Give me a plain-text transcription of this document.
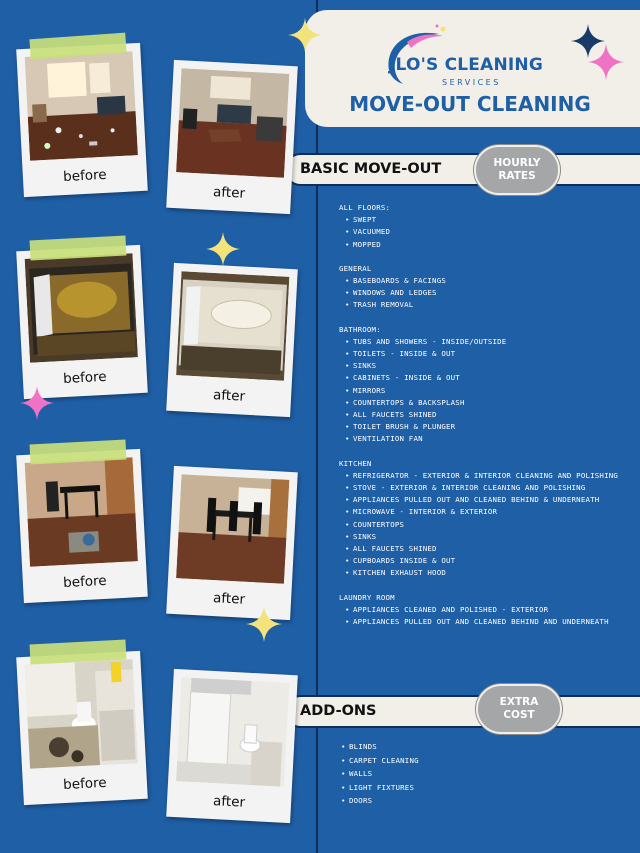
JLO'S CLEANING
SERVICES
MOVE-OUT CLEANING
BASIC MOVE-OUT	HOURLY
RATES
ALL FLOORS:
• SWEPT
• VACUUMED
• MOPPED
GENERAL
• BASEBOARDS & FACINGS
• WINDOWS AND LEDGES
• TRASH REMOVAL
BATHROOM:
• TUBS AND SHOWERS - INSIDE/OUTSIDE
• TOILETS - INSIDE & OUT
• SINKS
• CABINETS - INSIDE & OUT
• MIRRORS
• COUNTERTOPS & BACKSPLASH
• ALL FAUCETS SHINED
• TOILET BRUSH & PLUNGER
• VENTILATION FAN
KITCHEN
• REFRIGERATOR - EXTERIOR & INTERIOR CLEANING AND POLISHING
• STOVE - EXTERIOR & INTERIOR CLEANING AND POLISHING
• APPLIANCES PULLED OUT AND CLEANED BEHIND & UNDERNEATH
• MICROWAVE - INTERIOR & EXTERIOR
• COUNTERTOPS
• SINKS
• ALL FAUCETS SHINED
• CUPBOARDS INSIDE & OUT
• KITCHEN EXHAUST HOOD
LAUNDRY ROOM
• APPLIANCES CLEANED AND POLISHED - EXTERIOR
• APPLIANCES PULLED OUT AND CLEANED BEHIND AND UNDERNEATH
ADD-ONS
EXTRA
COST
• BLINDS
• CARPET CLEANING
• WALLS
• LIGHT FIXTURES
• DOORS
before
after
before
after
before
after
before
after
